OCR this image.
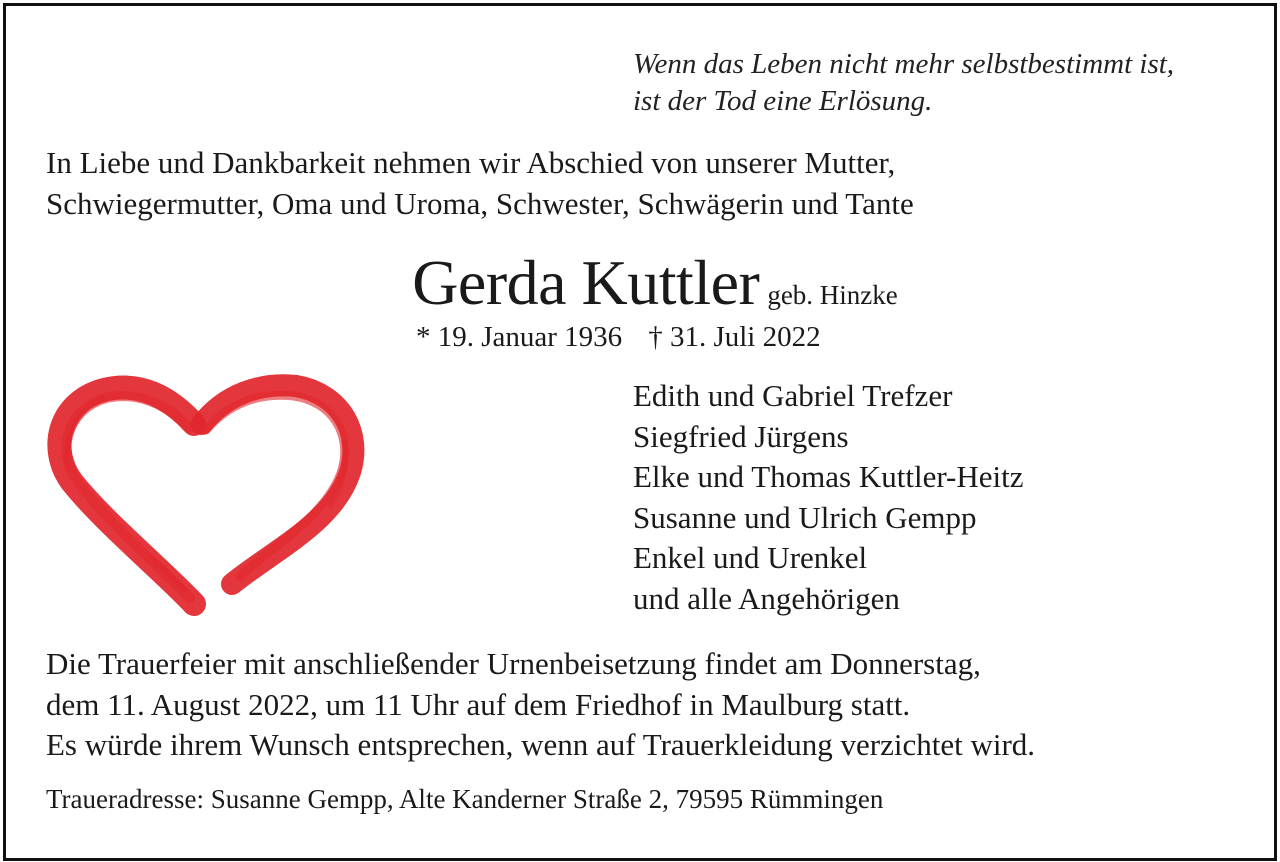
Wenn das Leben nicht mehr selbstbestimmt ist,
ist der Tod eine Erlösung.
In Liebe und Dankbarkeit nehmen wir Abschied von unserer Mutter,
Schwiegermutter, Oma und Uroma, Schwester, Schwägerin und Tante
Gerda Kuttler geb. Hinzke
* 19. Januar 1936 † 31. Juli 2022
Edith und Gabriel Trefzer
Siegfried Jürgens
Elke und Thomas Kuttler-Heitz
Susanne und Ulrich Gempp
Enkel und Urenkel
und alle Angehörigen
Die Trauerfeier mit anschließender Urnenbeisetzung findet am Donnerstag,
dem 11. August 2022, um 11 Uhr auf dem Friedhof in Maulburg statt.
Es würde ihrem Wunsch entsprechen, wenn auf Trauerkleidung verzichtet wird.
Traueradresse: Susanne Gempp, Alte Kanderner Straße 2, 79595 Rümmingen
